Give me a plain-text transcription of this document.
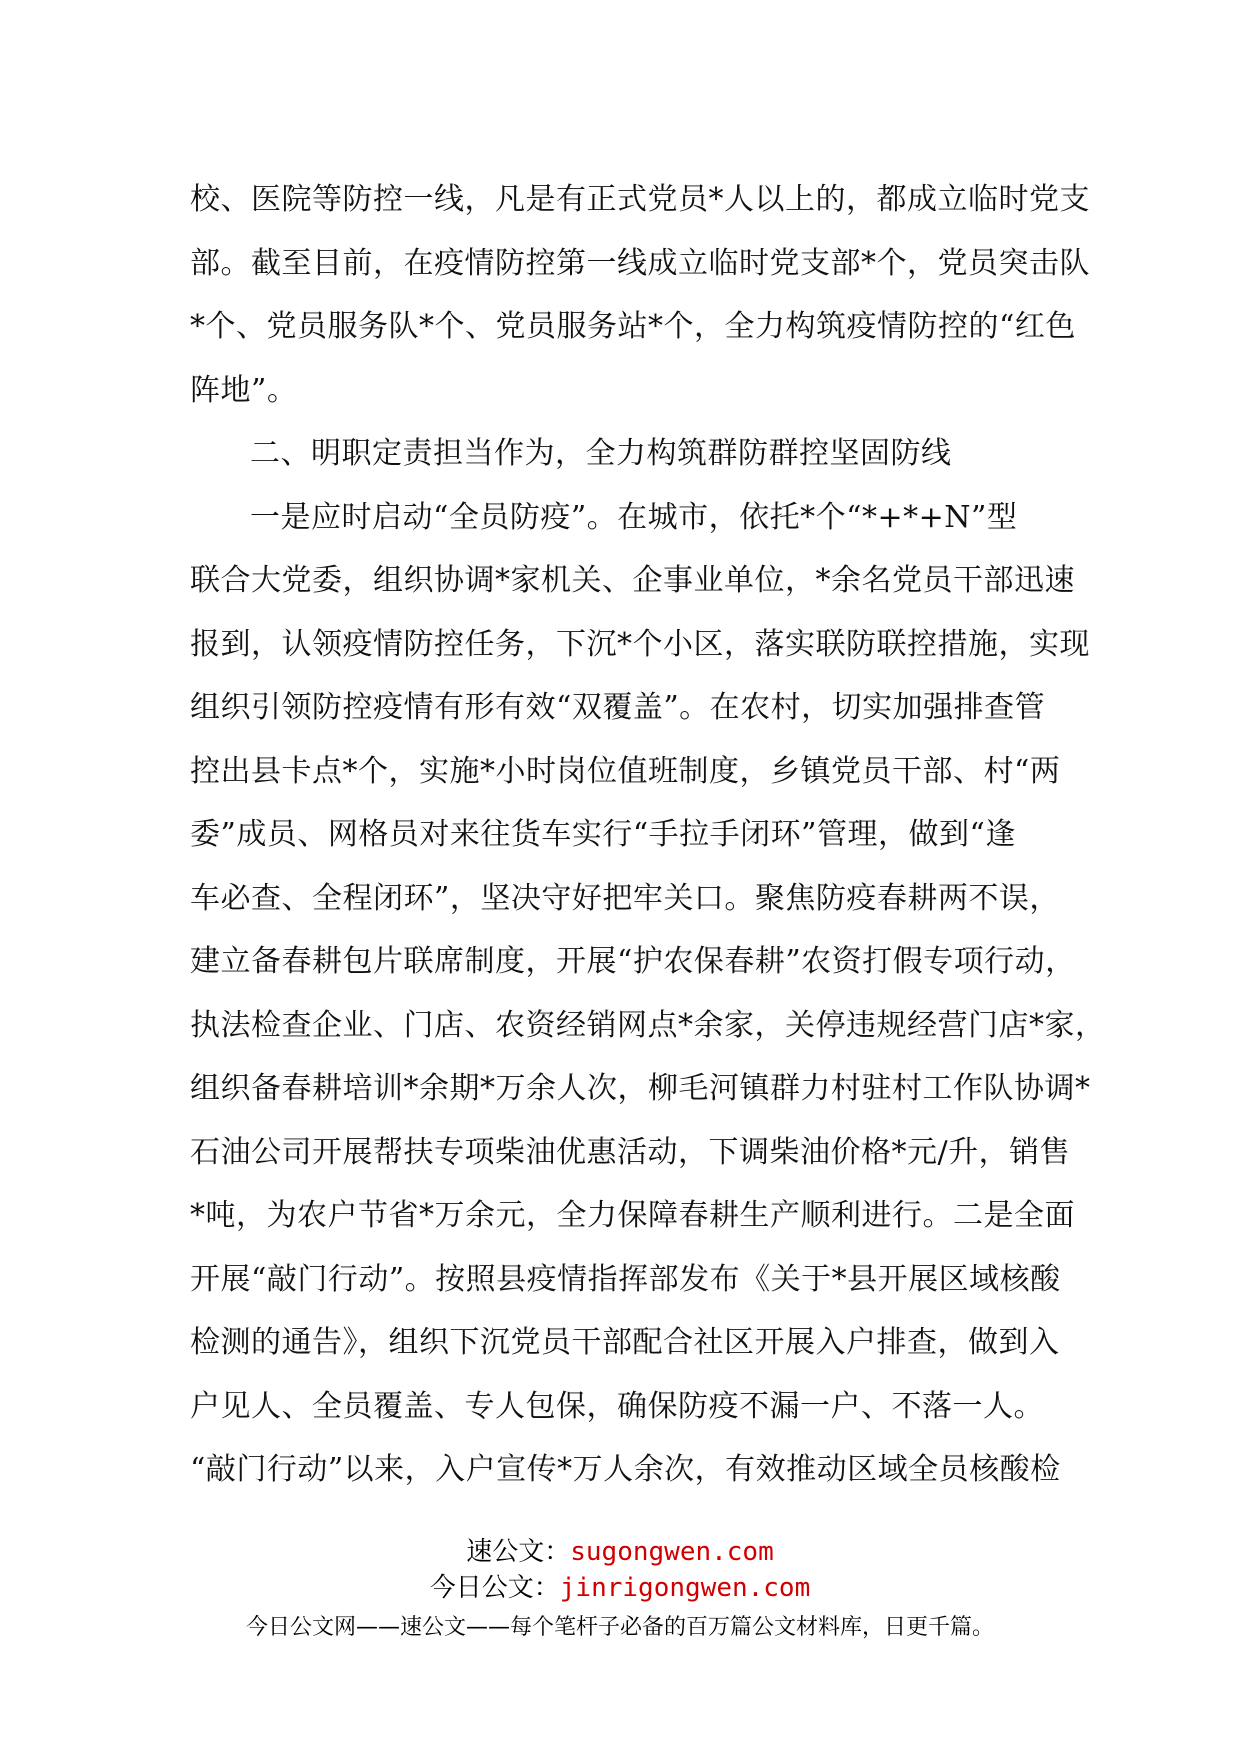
校、医院等防控一线，凡是有正式党员*人以上的，都成立临时党支
部。截至目前，在疫情防控第一线成立临时党支部*个，党员突击队
*个、党员服务队*个、党员服务站*个，全力构筑疫情防控的“红色
阵地”。

二、明职定责担当作为，全力构筑群防群控坚固防线

一是应时启动“全员防疫”。在城市，依托*个“*+*+N”型
联合大党委，组织协调*家机关、企事业单位，*余名党员干部迅速
报到，认领疫情防控任务，下沉*个小区，落实联防联控措施，实现
组织引领防控疫情有形有效“双覆盖”。在农村，切实加强排查管
控出县卡点*个，实施*小时岗位值班制度，乡镇党员干部、村“两
委”成员、网格员对来往货车实行“手拉手闭环”管理，做到“逢
车必查、全程闭环”，坚决守好把牢关口。聚焦防疫春耕两不误，
建立备春耕包片联席制度，开展“护农保春耕”农资打假专项行动，
执法检查企业、门店、农资经销网点*余家，关停违规经营门店*家，
组织备春耕培训*余期*万余人次，柳毛河镇群力村驻村工作队协调*
石油公司开展帮扶专项柴油优惠活动，下调柴油价格*元/升，销售
*吨，为农户节省*万余元，全力保障春耕生产顺利进行。二是全面
开展“敲门行动”。按照县疫情指挥部发布《关于*县开展区域核酸
检测的通告》，组织下沉党员干部配合社区开展入户排查，做到入
户见人、全员覆盖、专人包保，确保防疫不漏一户、不落一人。
“敲门行动”以来，入户宣传*万人余次，有效推动区域全员核酸检

速公文：sugongwen.com
今日公文：jinrigongwen.com
今日公文网——速公文——每个笔杆子必备的百万篇公文材料库，日更千篇。
